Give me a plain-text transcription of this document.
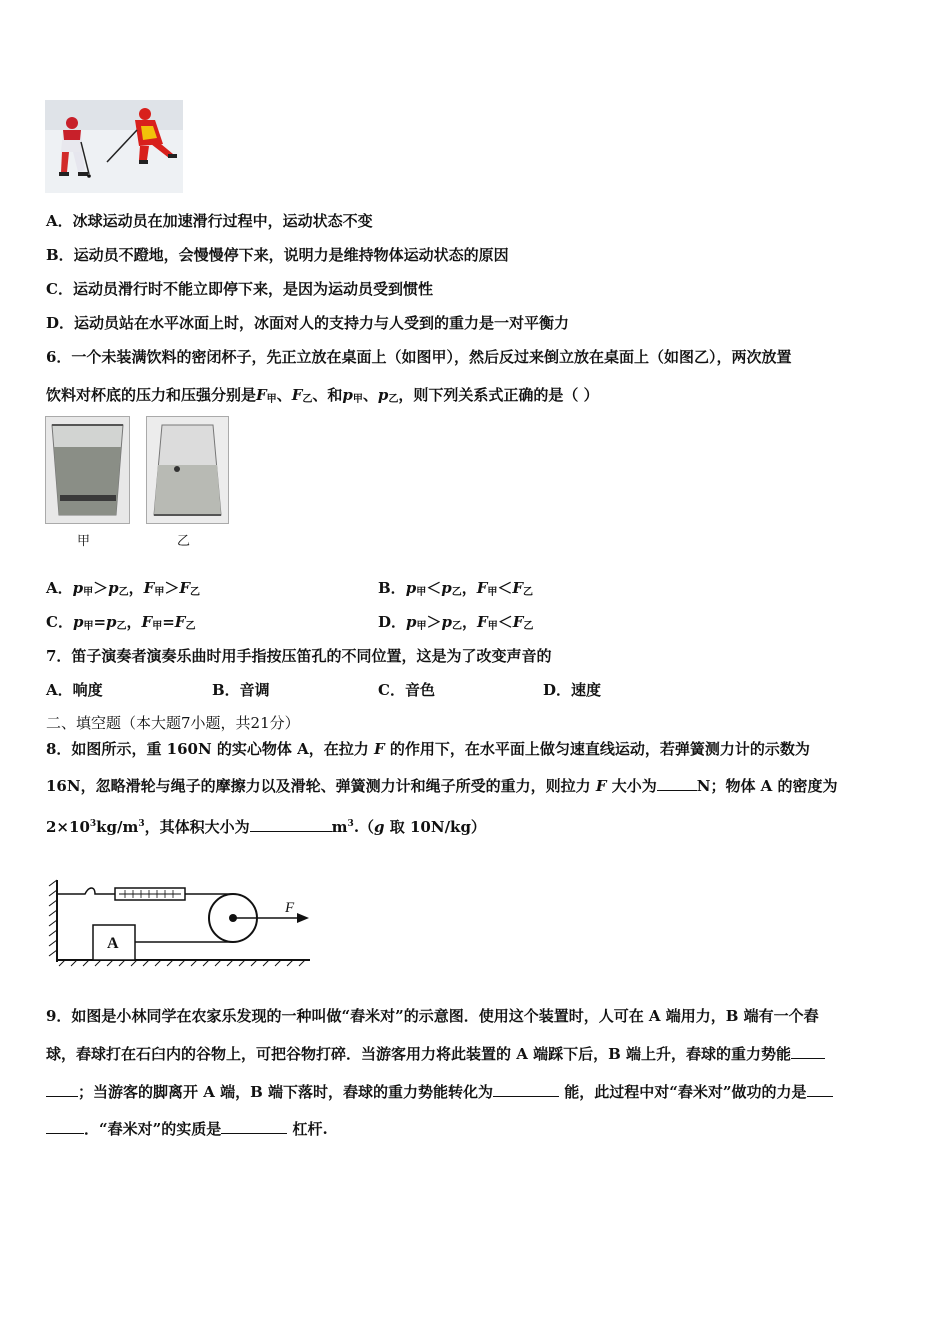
A．冰球运动员在加速滑行过程中，运动状态不变
B．运动员不蹬地，会慢慢停下来，说明力是维持物体运动状态的原因
C．运动员滑行时不能立即停下来，是因为运动员受到惯性
D．运动员站在水平冰面上时，冰面对人的支持力与人受到的重力是一对平衡力
6．一个未装满饮料的密闭杯子，先正立放在桌面上（如图甲），然后反过来倒立放在桌面上（如图乙），两次放置
饮料对杯底的压力和压强分别是$F_甲$、$F_乙$、和$p_甲$、$p_乙$，则下列关系式正确的是（ ）
甲	乙
A．$p_甲>p_乙$，$F_甲>F_乙$	B．$p_甲<p_乙$，$F_甲<F_乙$
C．$p_甲=p_乙$，$F_甲=F_乙$	D．$p_甲>p_乙$，$F_甲<F_乙$
7．笛子演奏者演奏乐曲时用手指按压笛孔的不同位置，这是为了改变声音的
A．响度	B．音调	C．音色	D．速度
二、填空题（本大题7小题，共21分）
8．如图所示，重 160N 的实心物体 A，在拉力 F 的作用下，在水平面上做匀速直线运动，若弹簧测力计的示数为
16N，忽略滑轮与绳子的摩擦力以及滑轮、弹簧测力计和绳子所受的重力，则拉力 F 大小为	N；物体 A 的密度为
$2\times 10^3kg/m^3$，其体积大小为	$m^3.(g$ 取 10N/kg）
A
F
9．如图是小林同学在农家乐发现的一种叫做“舂米对”的示意图．使用这个装置时，人可在 A 端用力，B 端有一个舂
球，舂球打在石臼内的谷物上，可把谷物打碎．当游客用力将此装置的 A 端踩下后，B 端上升，舂球的重力势能
；当游客的脚离开 A 端，B 端下落时，舂球的重力势能转化为	能，此过程中对“舂米对”做功的力是
．“舂米对”的实质是	杠杆.
